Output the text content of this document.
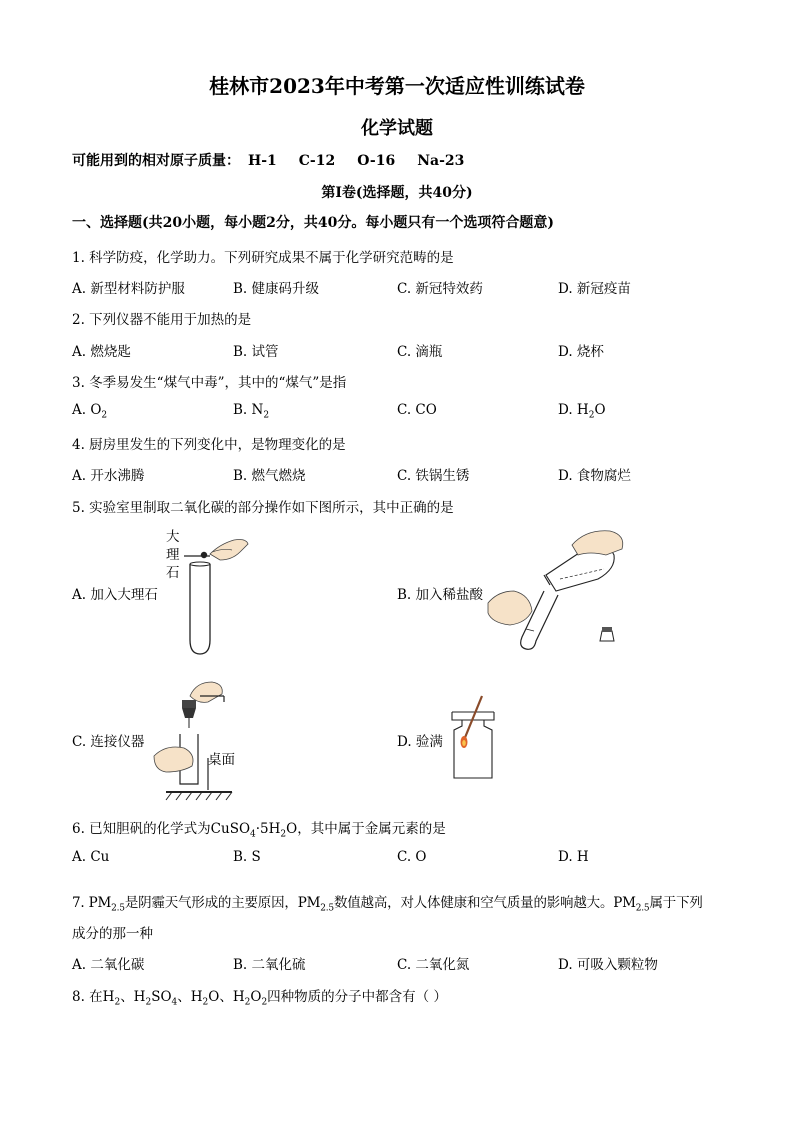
桂林市2023年中考第一次适应性训练试卷
化学试题
可能用到的相对原子质量： H-1 C-12 O-16 Na-23
第I卷(选择题，共40分)
一、选择题(共20小题，每小题2分，共40分。每小题只有一个选项符合题意)
1. 科学防疫，化学助力。下列研究成果不属于化学研究范畴的是
A. 新型材料防护服	B. 健康码升级	C. 新冠特效药	D. 新冠疫苗
2. 下列仪器不能用于加热的是
A. 燃烧匙	B. 试管	C. 滴瓶	D. 烧杯
3. 冬季易发生“煤气中毒”，其中的“煤气”是指
A. $O_2$	B. $N_2$	C. CO	D. $H_2O$
4. 厨房里发生的下列变化中，是物理变化的是
A. 开水沸腾	B. 燃气燃烧	C. 铁锅生锈	D. 食物腐烂
5. 实验室里制取二氧化碳的部分操作如下图所示，其中正确的是
A. 加入大理石	B. 加入稀盐酸
C. 连接仪器	D. 验满
大理石
桌面
6. 已知胆矾的化学式为$CuSO_4\cdot 5H_2O$，其中属于金属元素的是
A. Cu	B. S	C. O	D. H
7. $PM_{2.5}$是阴霾天气形成的主要原因，$PM_{2.5}$数值越高，对人体健康和空气质量的影响越大。$PM_{2.5}$属于下列
成分的那一种
A. 二氧化碳	B. 二氧化硫	C. 二氧化氮	D. 可吸入颗粒物
8. 在$H_2$、$H_2SO_4$、$H_2O$、$H_2O_2$四种物质的分子中都含有（ ）
